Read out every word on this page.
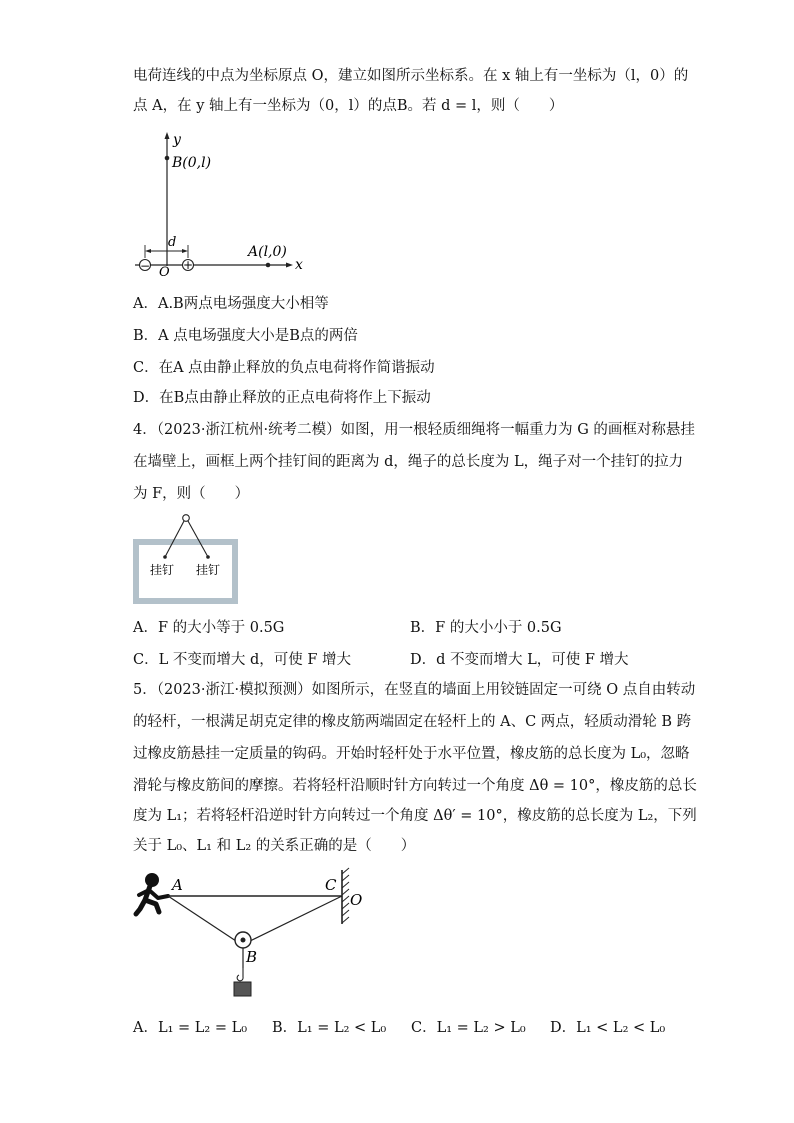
电荷连线的中点为坐标原点 O，建立如图所示坐标系。在 x 轴上有一坐标为（l，0）的
点 A，在 y 轴上有一坐标为（0，l）的点B。若 d = l，则（　　）
y
B(0,l)
x
A(l,0)
−	+
d
O
A．A.B两点电场强度大小相等
B．A 点电场强度大小是B点的两倍
C．在A 点由静止释放的负点电荷将作简谐振动
D．在B点由静止释放的正点电荷将作上下振动
4．（2023·浙江杭州·统考二模）如图，用一根轻质细绳将一幅重力为 G 的画框对称悬挂
在墙壁上，画框上两个挂钉间的距离为 d，绳子的总长度为 L，绳子对一个挂钉的拉力
为 F，则（　　）
挂钉 挂钉
A．F 的大小等于 0.5G	B．F 的大小小于 0.5G
C．L 不变而增大 d，可使 F 增大	D．d 不变而增大 L，可使 F 增大
5．（2023·浙江·模拟预测）如图所示，在竖直的墙面上用铰链固定一可绕 O 点自由转动
的轻杆，一根满足胡克定律的橡皮筋两端固定在轻杆上的 A、C 两点，轻质动滑轮 B 跨
过橡皮筋悬挂一定质量的钩码。开始时轻杆处于水平位置，橡皮筋的总长度为 L₀，忽略
滑轮与橡皮筋间的摩擦。若将轻杆沿顺时针方向转过一个角度 Δθ = 10°，橡皮筋的总长
度为 L₁；若将轻杆沿逆时针方向转过一个角度 Δθ′ = 10°，橡皮筋的总长度为 L₂，下列
关于 L₀、L₁ 和 L₂ 的关系正确的是（　　）
A	C
O
B
A．L₁ = L₂ = L₀ B．L₁ = L₂ < L₀ C．L₁ = L₂ > L₀ D．L₁ < L₂ < L₀
